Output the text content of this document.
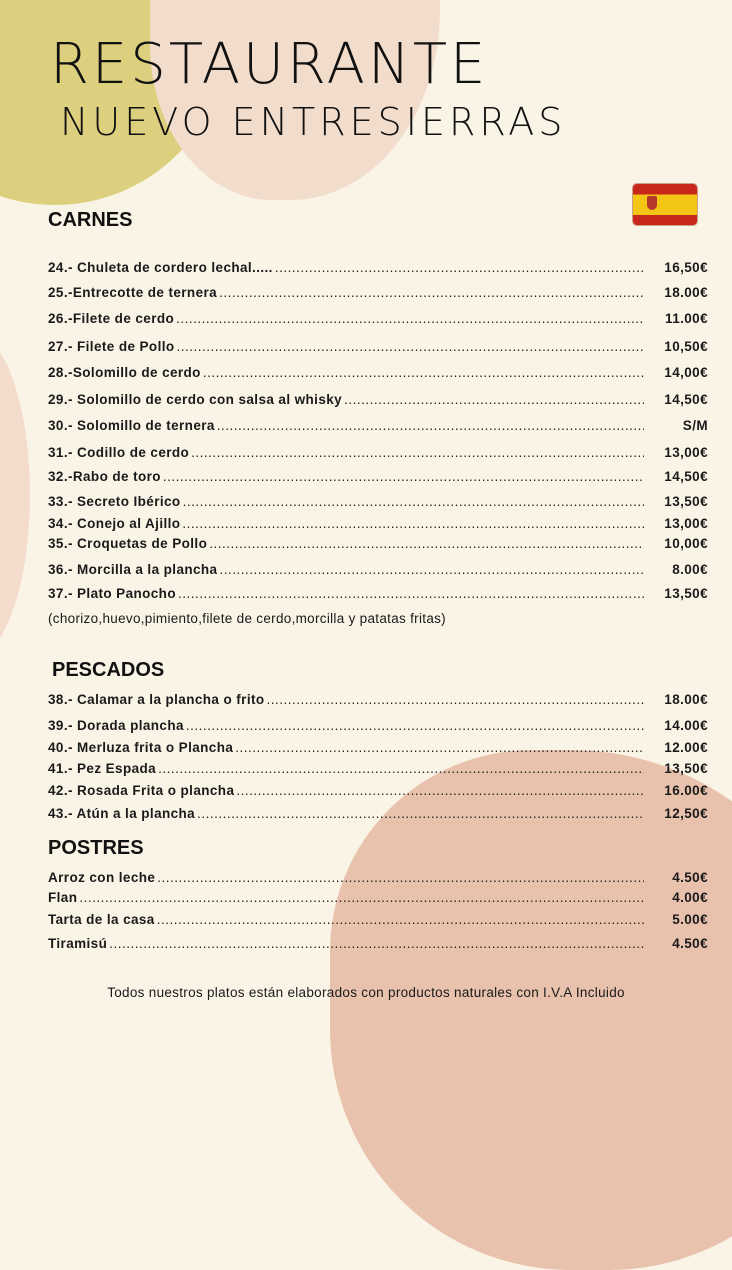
RESTAURANTE
NUEVO ENTRESIERRAS
CARNES
24.- Chuleta de cordero lechal..... .....	16,50€
25.-Entrecotte de ternera .....	18.00€
26.-Filete de cerdo .....	11.00€
27.- Filete de Pollo .....	10,50€
28.-Solomillo de cerdo .....	14,00€
29.- Solomillo de cerdo con salsa al whisky .....	14,50€
30.- Solomillo de ternera .....	S/M
31.- Codillo de cerdo .....	13,00€
32.-Rabo de toro .....	14,50€
33.- Secreto Ibérico .....	13,50€
34.- Conejo al Ajillo .....	13,00€
35.- Croquetas de Pollo .....	10,00€
36.- Morcilla a la plancha .....	8.00€
37.- Plato Panocho .....	13,50€
(chorizo,huevo,pimiento,filete de cerdo,morcilla y patatas fritas)
PESCADOS
38.- Calamar a la plancha o frito .....	18.00€
39.- Dorada plancha .....	14.00€
40.- Merluza frita o Plancha .....	12.00€
41.- Pez Espada .....	13,50€
42.- Rosada Frita o plancha .....	16.00€
43.- Atún a la plancha .....	12,50€
POSTRES
Arroz con leche .....	4.50€
Flan .....	4.00€
Tarta de la casa .....	5.00€
Tiramisú .....	4.50€
Todos nuestros platos están elaborados con productos naturales con I.V.A Incluido
